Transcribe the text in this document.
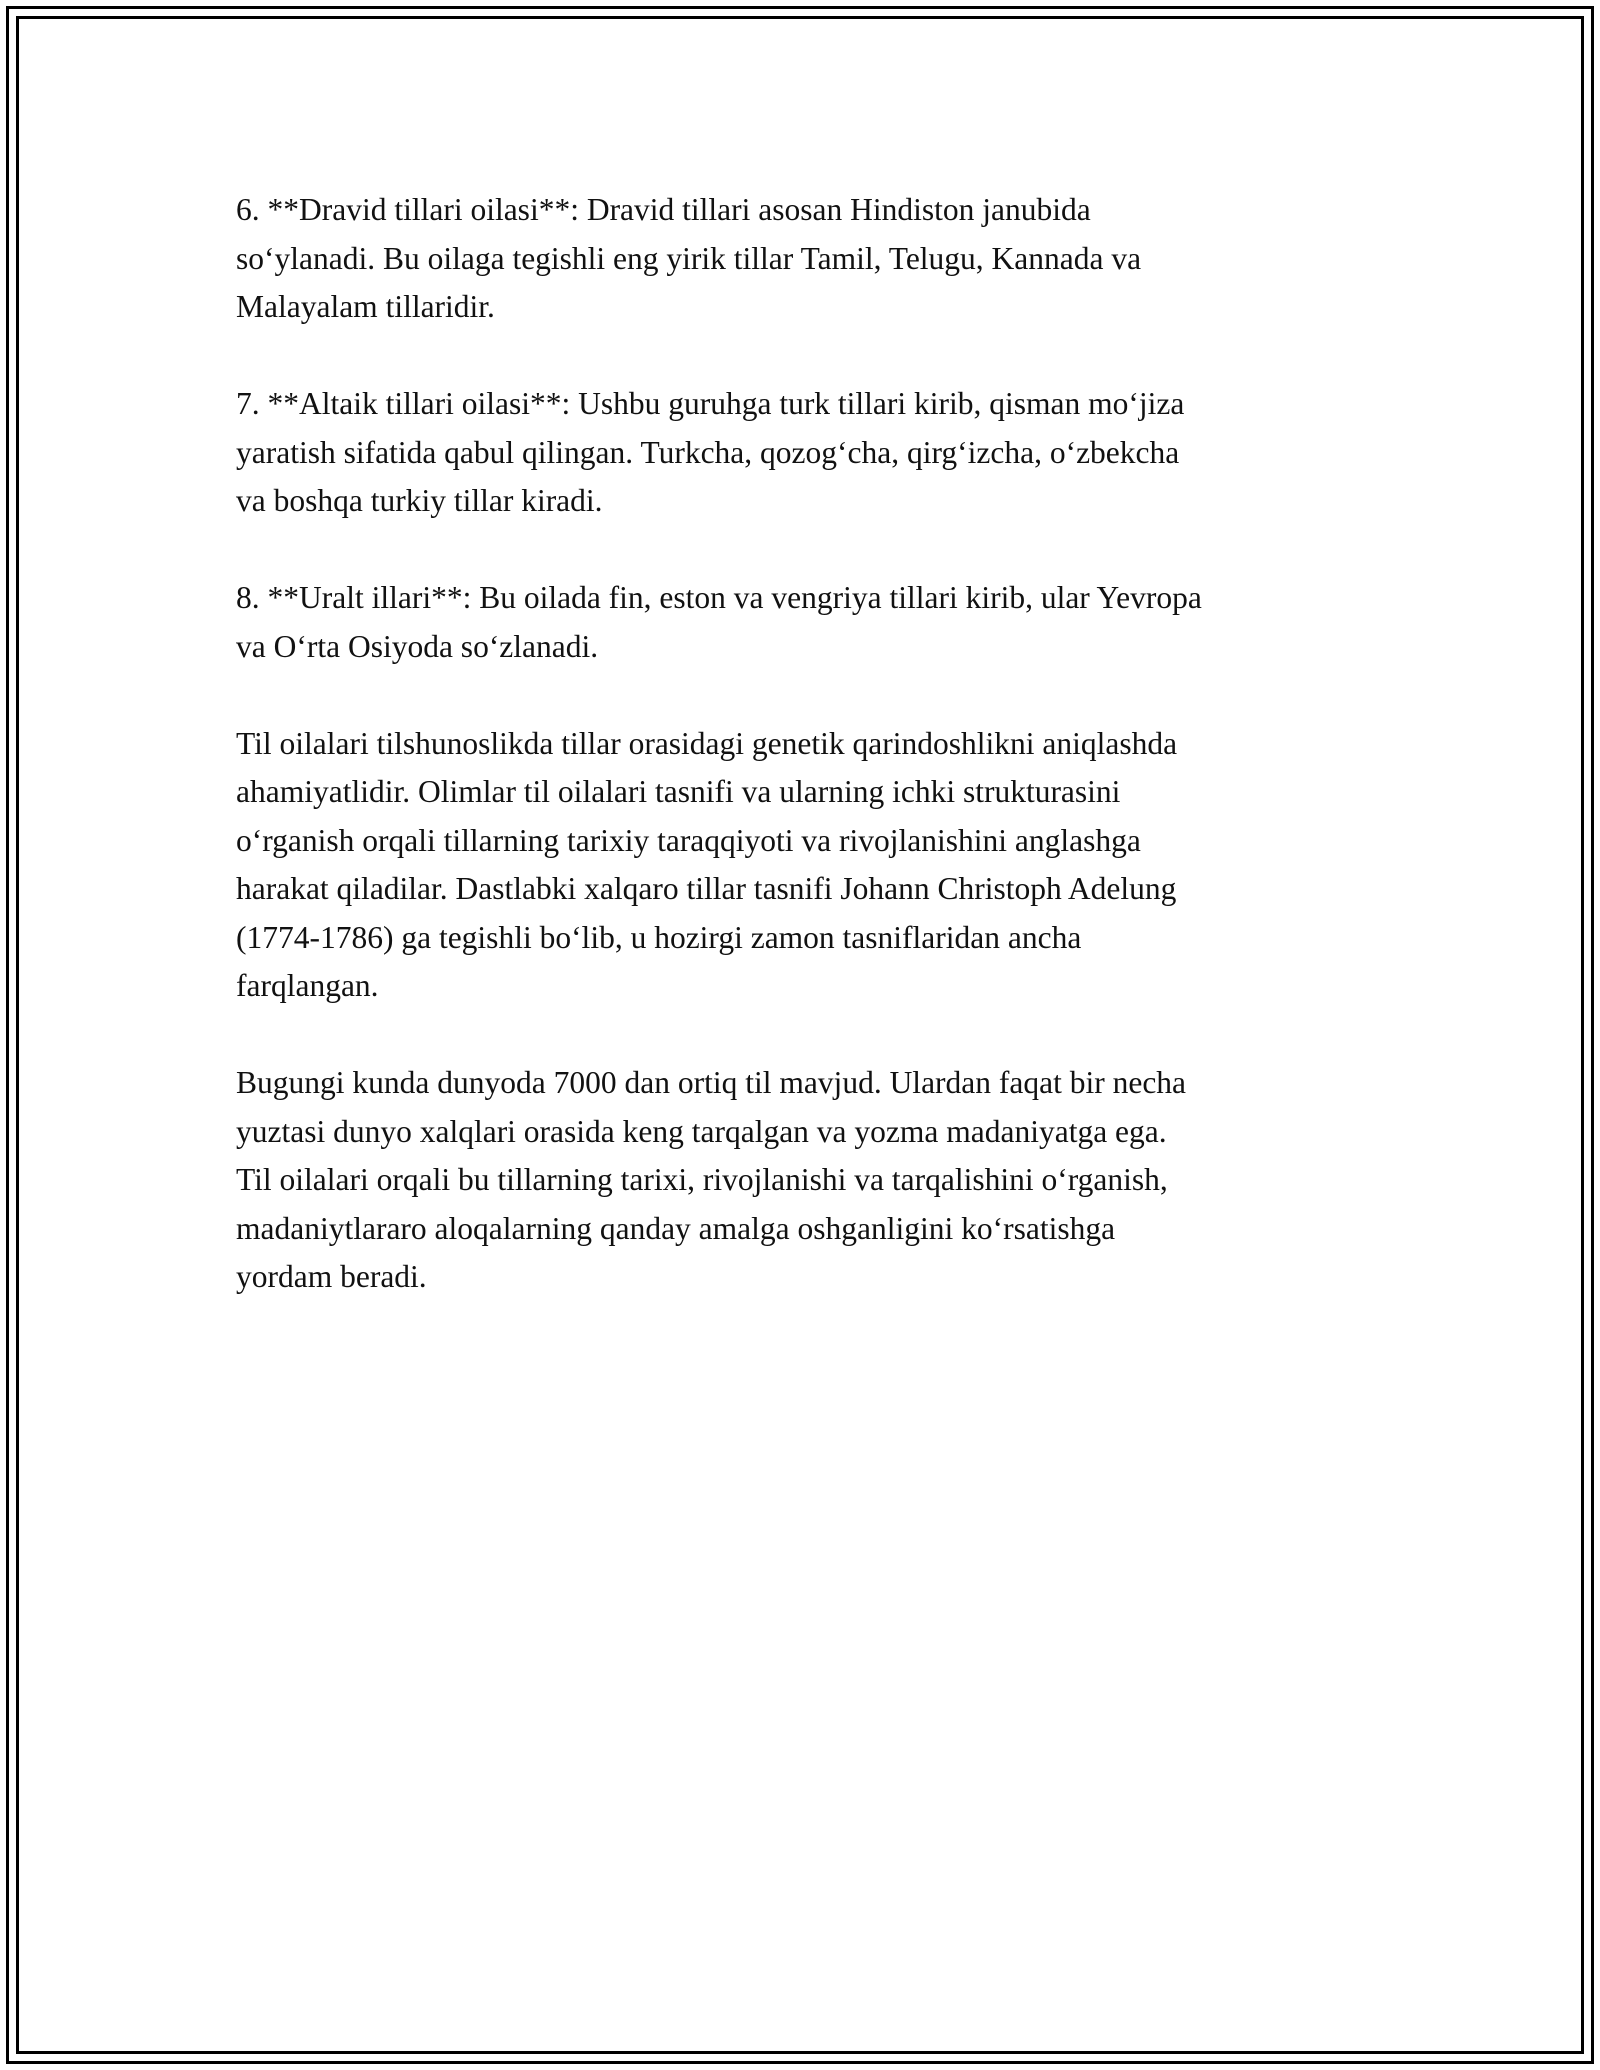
6. **Dravid tillari oilasi**: Dravid tillari asosan Hindiston janubida
so‘ylanadi. Bu oilaga tegishli eng yirik tillar Tamil, Telugu, Kannada va
Malayalam tillaridir.

7. **Altaik tillari oilasi**: Ushbu guruhga turk tillari kirib, qisman mo‘jiza
yaratish sifatida qabul qilingan. Turkcha, qozog‘cha, qirg‘izcha, o‘zbekcha
va boshqa turkiy tillar kiradi.

8. **Uralt illari**: Bu oilada fin, eston va vengriya tillari kirib, ular Yevropa
va O‘rta Osiyoda so‘zlanadi.

Til oilalari tilshunoslikda tillar orasidagi genetik qarindoshlikni aniqlashda
ahamiyatlidir. Olimlar til oilalari tasnifi va ularning ichki strukturasini
o‘rganish orqali tillarning tarixiy taraqqiyoti va rivojlanishini anglashga
harakat qiladilar. Dastlabki xalqaro tillar tasnifi Johann Christoph Adelung
(1774-1786) ga tegishli bo‘lib, u hozirgi zamon tasniflaridan ancha
farqlangan.

Bugungi kunda dunyoda 7000 dan ortiq til mavjud. Ulardan faqat bir necha
yuztasi dunyo xalqlari orasida keng tarqalgan va yozma madaniyatga ega.
Til oilalari orqali bu tillarning tarixi, rivojlanishi va tarqalishini o‘rganish,
madaniytlararo aloqalarning qanday amalga oshganligini ko‘rsatishga
yordam beradi.
